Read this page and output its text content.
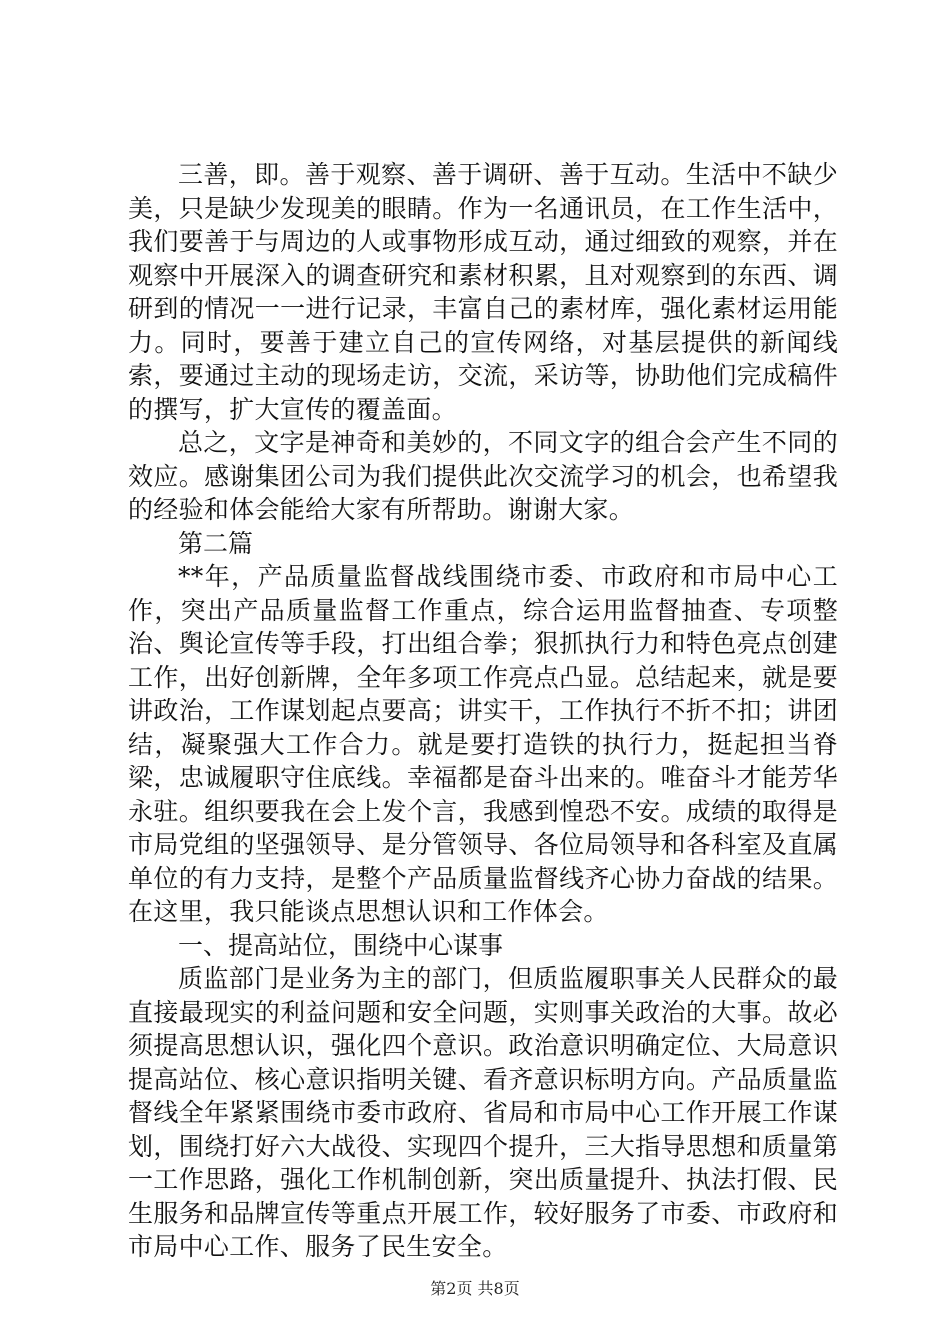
三善，即。善于观察、善于调研、善于互动。生活中不缺少美，只是缺少发现美的眼睛。作为一名通讯员，在工作生活中，我们要善于与周边的人或事物形成互动，通过细致的观察，并在观察中开展深入的调查研究和素材积累，且对观察到的东西、调研到的情况一一进行记录，丰富自己的素材库，强化素材运用能力。同时，要善于建立自己的宣传网络，对基层提供的新闻线索，要通过主动的现场走访，交流，采访等，协助他们完成稿件的撰写，扩大宣传的覆盖面。

总之，文字是神奇和美妙的，不同文字的组合会产生不同的效应。感谢集团公司为我们提供此次交流学习的机会，也希望我的经验和体会能给大家有所帮助。谢谢大家。

第二篇

**年，产品质量监督战线围绕市委、市政府和市局中心工作，突出产品质量监督工作重点，综合运用监督抽查、专项整治、舆论宣传等手段，打出组合拳；狠抓执行力和特色亮点创建工作，出好创新牌，全年多项工作亮点凸显。总结起来，就是要讲政治，工作谋划起点要高；讲实干，工作执行不折不扣；讲团结，凝聚强大工作合力。就是要打造铁的执行力，挺起担当脊梁，忠诚履职守住底线。幸福都是奋斗出来的。唯奋斗才能芳华永驻。组织要我在会上发个言，我感到惶恐不安。成绩的取得是市局党组的坚强领导、是分管领导、各位局领导和各科室及直属单位的有力支持，是整个产品质量监督线齐心协力奋战的结果。在这里，我只能谈点思想认识和工作体会。

一、提高站位，围绕中心谋事

质监部门是业务为主的部门，但质监履职事关人民群众的最直接最现实的利益问题和安全问题，实则事关政治的大事。故必须提高思想认识，强化四个意识。政治意识明确定位、大局意识提高站位、核心意识指明关键、看齐意识标明方向。产品质量监督线全年紧紧围绕市委市政府、省局和市局中心工作开展工作谋划，围绕打好六大战役、实现四个提升，三大指导思想和质量第一工作思路，强化工作机制创新，突出质量提升、执法打假、民生服务和品牌宣传等重点开展工作，较好服务了市委、市政府和市局中心工作、服务了民生安全。

第2页 共8页
